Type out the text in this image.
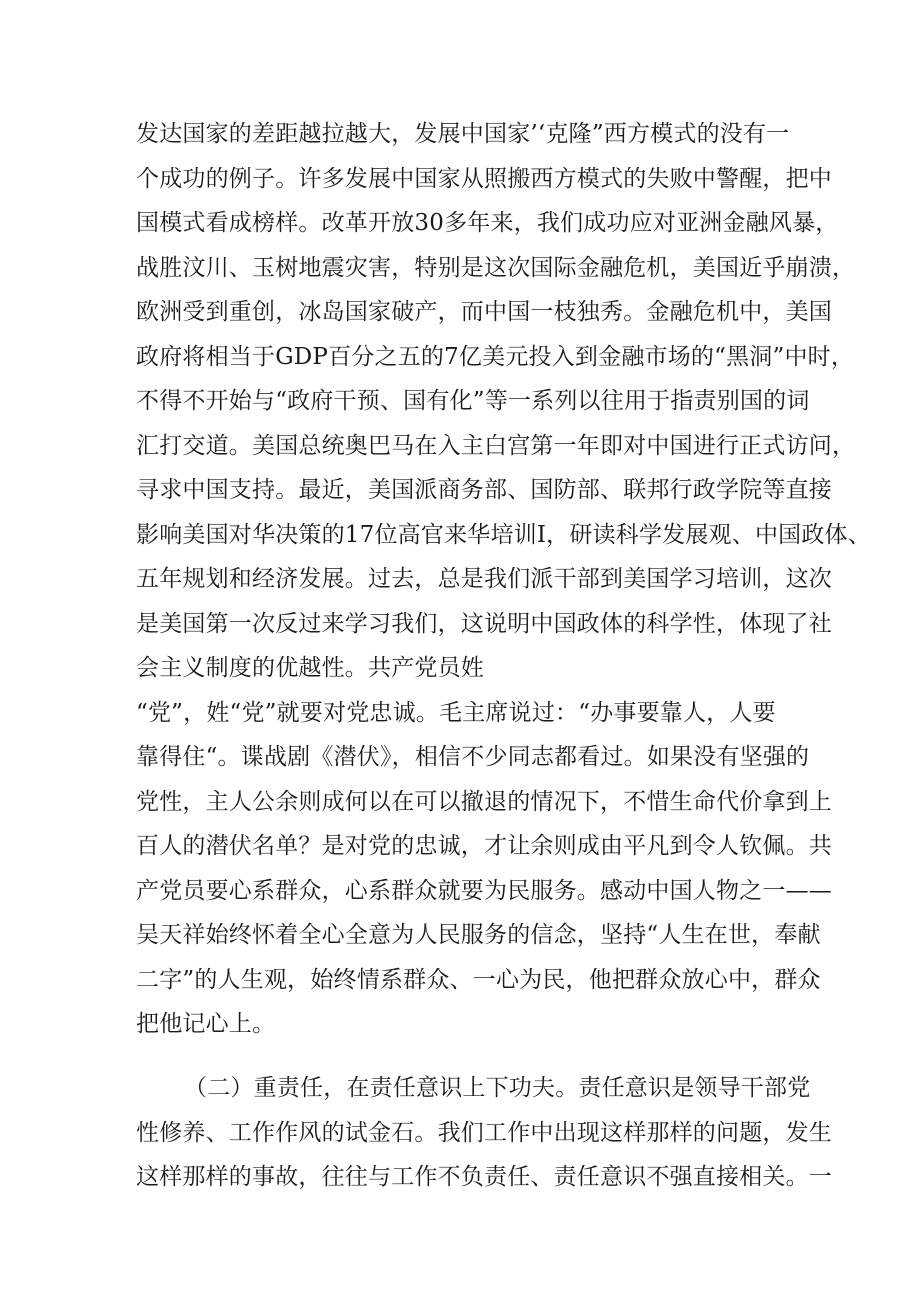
发达国家的差距越拉越大，发展中国家’‘克隆”西方模式的没有一
个成功的例子。许多发展中国家从照搬西方模式的失败中警醒，把中
国模式看成榜样。改革开放30多年来，我们成功应对亚洲金融风暴，
战胜汶川、玉树地震灾害，特别是这次国际金融危机，美国近乎崩溃，
欧洲受到重创，冰岛国家破产，而中国一枝独秀。金融危机中，美国
政府将相当于GDP百分之五的7亿美元投入到金融市场的“黑洞”中时，
不得不开始与“政府干预、国有化”等一系列以往用于指责别国的词
汇打交道。美国总统奥巴马在入主白宫第一年即对中国进行正式访问，
寻求中国支持。最近，美国派商务部、国防部、联邦行政学院等直接
影响美国对华决策的17位高官来华培训I，研读科学发展观、中国政体、
五年规划和经济发展。过去，总是我们派干部到美国学习培训，这次
是美国第一次反过来学习我们，这说明中国政体的科学性，体现了社
会主义制度的优越性。共产党员姓
“党”，姓“党”就要对党忠诚。毛主席说过：“办事要靠人，人要
靠得住“。谍战剧《潜伏》，相信不少同志都看过。如果没有坚强的
党性，主人公余则成何以在可以撤退的情况下，不惜生命代价拿到上
百人的潜伏名单？是对党的忠诚，才让余则成由平凡到令人钦佩。共
产党员要心系群众，心系群众就要为民服务。感动中国人物之一——
吴天祥始终怀着全心全意为人民服务的信念，坚持“人生在世，奉献
二字”的人生观，始终情系群众、一心为民，他把群众放心中，群众
把他记心上。
（二）重责任，在责任意识上下功夫。责任意识是领导干部党
性修养、工作作风的试金石。我们工作中出现这样那样的问题，发生
这样那样的事故，往往与工作不负责任、责任意识不强直接相关。一
